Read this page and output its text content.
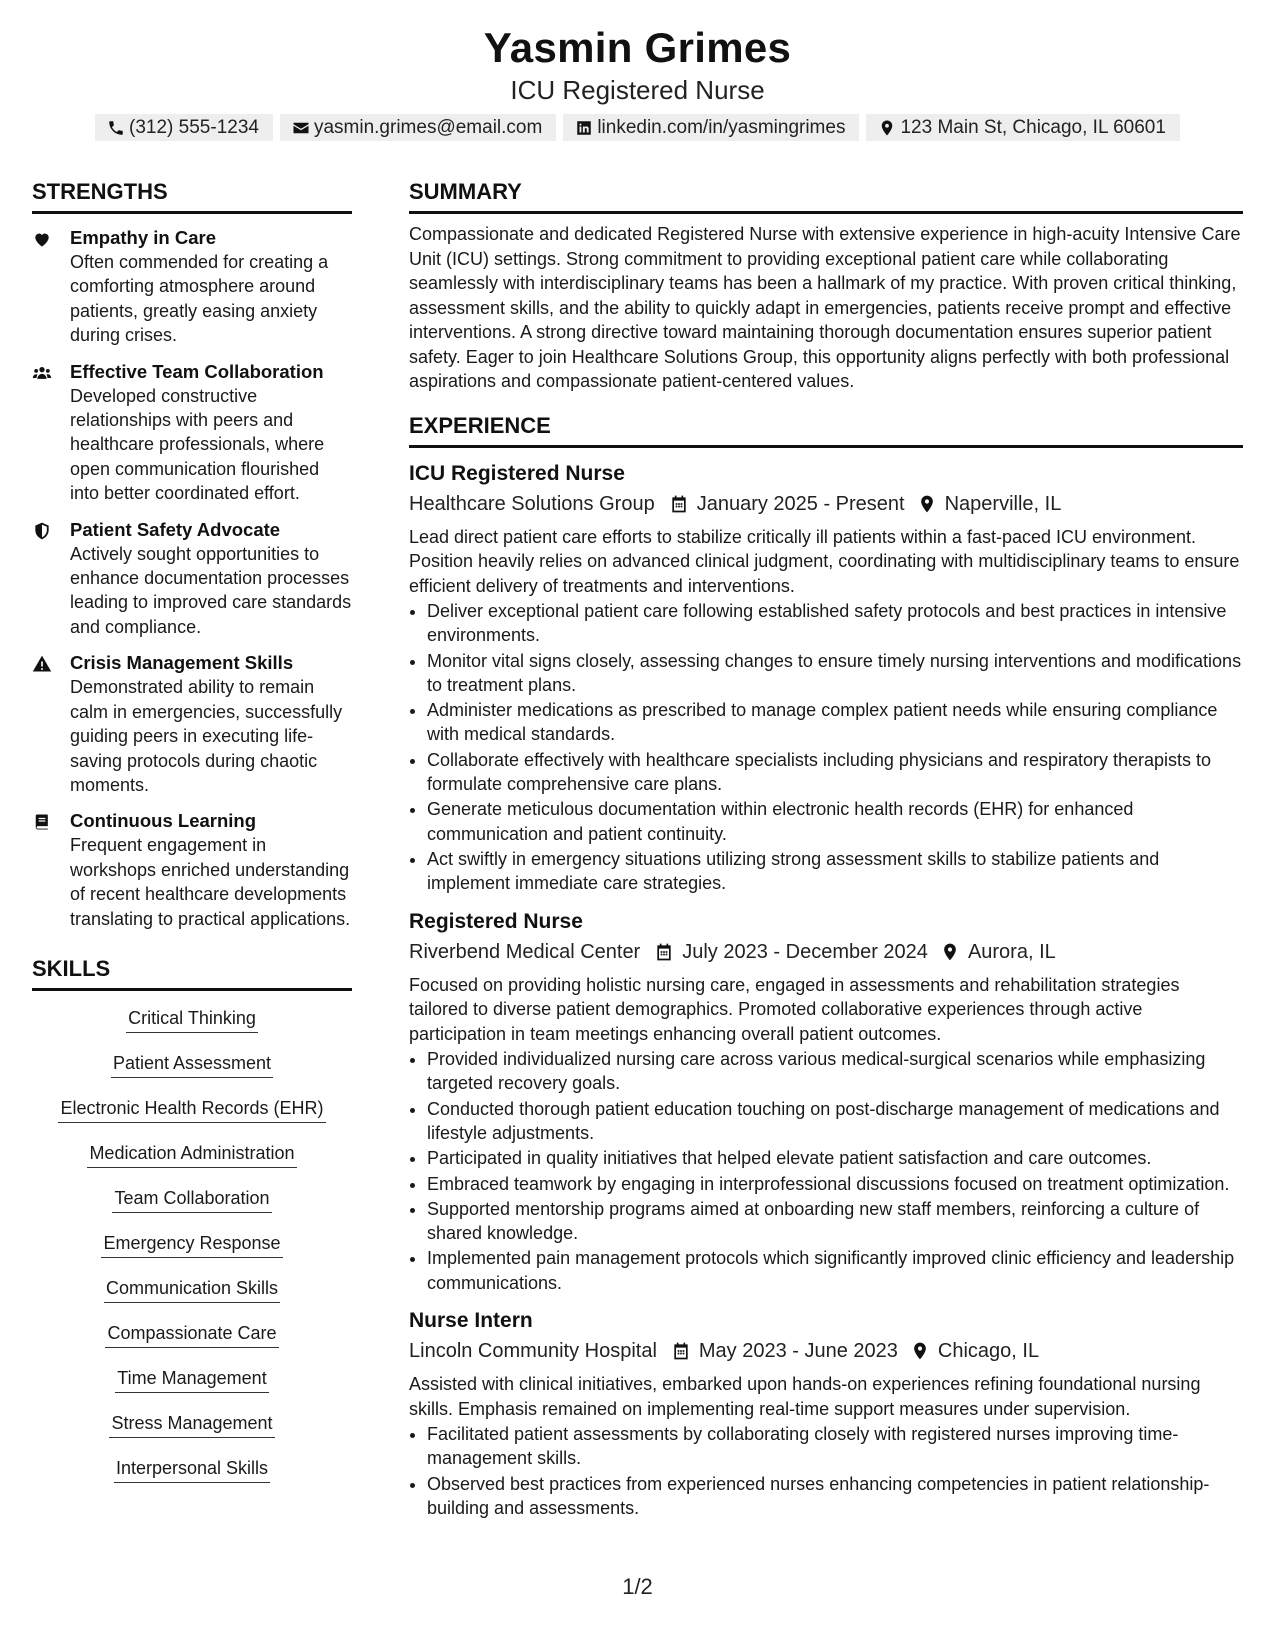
Yasmin Grimes
ICU Registered Nurse
(312) 555-1234	yasmin.grimes@email.com	linkedin.com/in/yasmingrimes	123 Main St, Chicago, IL 60601
STRENGTHS
Empathy in Care
Often commended for creating a comforting atmosphere around patients, greatly easing anxiety during crises.
Effective Team Collaboration
Developed constructive relationships with peers and healthcare professionals, where open communication flourished into better coordinated effort.
Patient Safety Advocate
Actively sought opportunities to enhance documentation processes leading to improved care standards and compliance.
Crisis Management Skills
Demonstrated ability to remain calm in emergencies, successfully guiding peers in executing life-saving protocols during chaotic moments.
Continuous Learning
Frequent engagement in workshops enriched understanding of recent healthcare developments translating to practical applications.
SKILLS
Critical Thinking
Patient Assessment
Electronic Health Records (EHR)
Medication Administration
Team Collaboration
Emergency Response
Communication Skills
Compassionate Care
Time Management
Stress Management
Interpersonal Skills
SUMMARY
Compassionate and dedicated Registered Nurse with extensive experience in high-acuity Intensive Care Unit (ICU) settings. Strong commitment to providing exceptional patient care while collaborating seamlessly with interdisciplinary teams has been a hallmark of my practice. With proven critical thinking, assessment skills, and the ability to quickly adapt in emergencies, patients receive prompt and effective interventions. A strong directive toward maintaining thorough documentation ensures superior patient safety. Eager to join Healthcare Solutions Group, this opportunity aligns perfectly with both professional aspirations and compassionate patient-centered values.
EXPERIENCE
ICU Registered Nurse
Healthcare Solutions Group January 2025 - Present Naperville, IL
Lead direct patient care efforts to stabilize critically ill patients within a fast-paced ICU environment. Position heavily relies on advanced clinical judgment, coordinating with multidisciplinary teams to ensure efficient delivery of treatments and interventions.
• Deliver exceptional patient care following established safety protocols and best practices in intensive environments.
• Monitor vital signs closely, assessing changes to ensure timely nursing interventions and modifications to treatment plans.
• Administer medications as prescribed to manage complex patient needs while ensuring compliance with medical standards.
• Collaborate effectively with healthcare specialists including physicians and respiratory therapists to formulate comprehensive care plans.
• Generate meticulous documentation within electronic health records (EHR) for enhanced communication and patient continuity.
• Act swiftly in emergency situations utilizing strong assessment skills to stabilize patients and implement immediate care strategies.
Registered Nurse
Riverbend Medical Center July 2023 - December 2024 Aurora, IL
Focused on providing holistic nursing care, engaged in assessments and rehabilitation strategies tailored to diverse patient demographics. Promoted collaborative experiences through active participation in team meetings enhancing overall patient outcomes.
• Provided individualized nursing care across various medical-surgical scenarios while emphasizing targeted recovery goals.
• Conducted thorough patient education touching on post-discharge management of medications and lifestyle adjustments.
• Participated in quality initiatives that helped elevate patient satisfaction and care outcomes.
• Embraced teamwork by engaging in interprofessional discussions focused on treatment optimization.
• Supported mentorship programs aimed at onboarding new staff members, reinforcing a culture of shared knowledge.
• Implemented pain management protocols which significantly improved clinic efficiency and leadership communications.
Nurse Intern
Lincoln Community Hospital May 2023 - June 2023 Chicago, IL
Assisted with clinical initiatives, embarked upon hands-on experiences refining foundational nursing skills. Emphasis remained on implementing real-time support measures under supervision.
• Facilitated patient assessments by collaborating closely with registered nurses improving time-management skills.
• Observed best practices from experienced nurses enhancing competencies in patient relationship-building and assessments.
1/2
